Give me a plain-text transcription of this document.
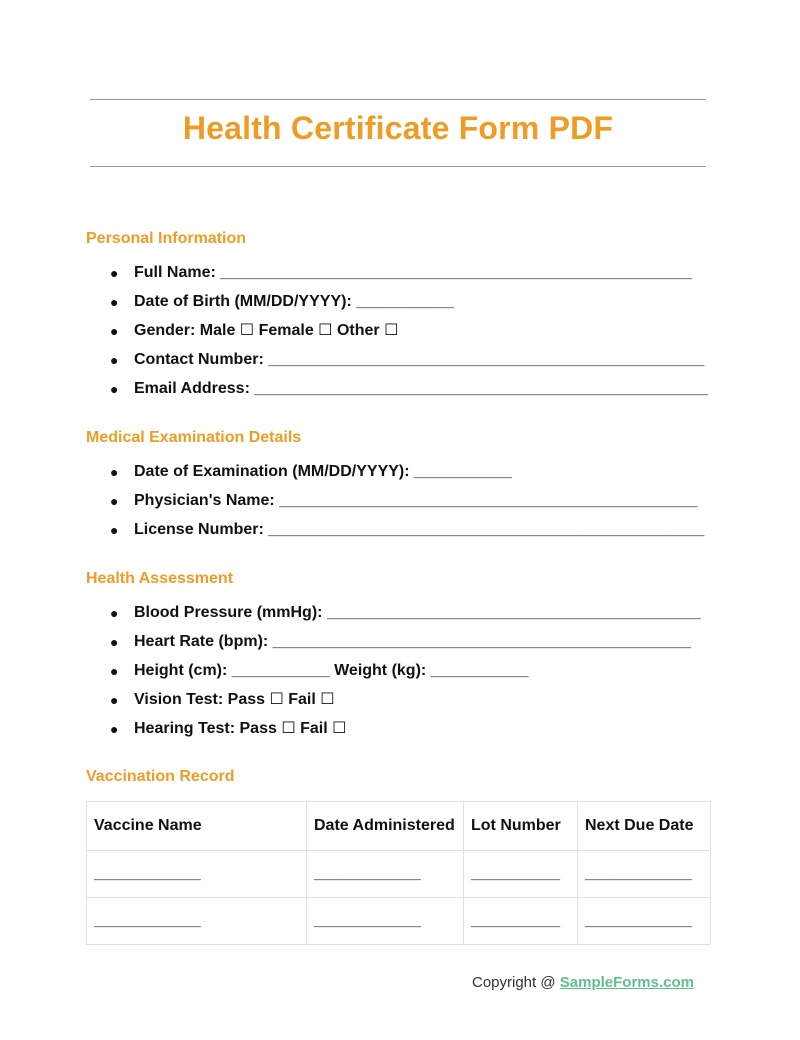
Health Certificate Form PDF
Personal Information
● Full Name: _____________________________________________________
● Date of Birth (MM/DD/YYYY): ___________
● Gender: Male ☐ Female ☐ Other ☐
● Contact Number: _________________________________________________
● Email Address: ___________________________________________________
Medical Examination Details
● Date of Examination (MM/DD/YYYY): ___________
● Physician's Name: _______________________________________________
● License Number: _________________________________________________
Health Assessment
● Blood Pressure (mmHg): __________________________________________
● Heart Rate (bpm): _______________________________________________
● Height (cm): ___________ Weight (kg): ___________
● Vision Test: Pass ☐ Fail ☐
● Hearing Test: Pass ☐ Fail ☐
Vaccination Record
Vaccine Name	Date Administered	Lot Number	Next Due Date
____________	____________	__________	____________
____________	____________	__________	____________
Copyright @ SampleForms.com
